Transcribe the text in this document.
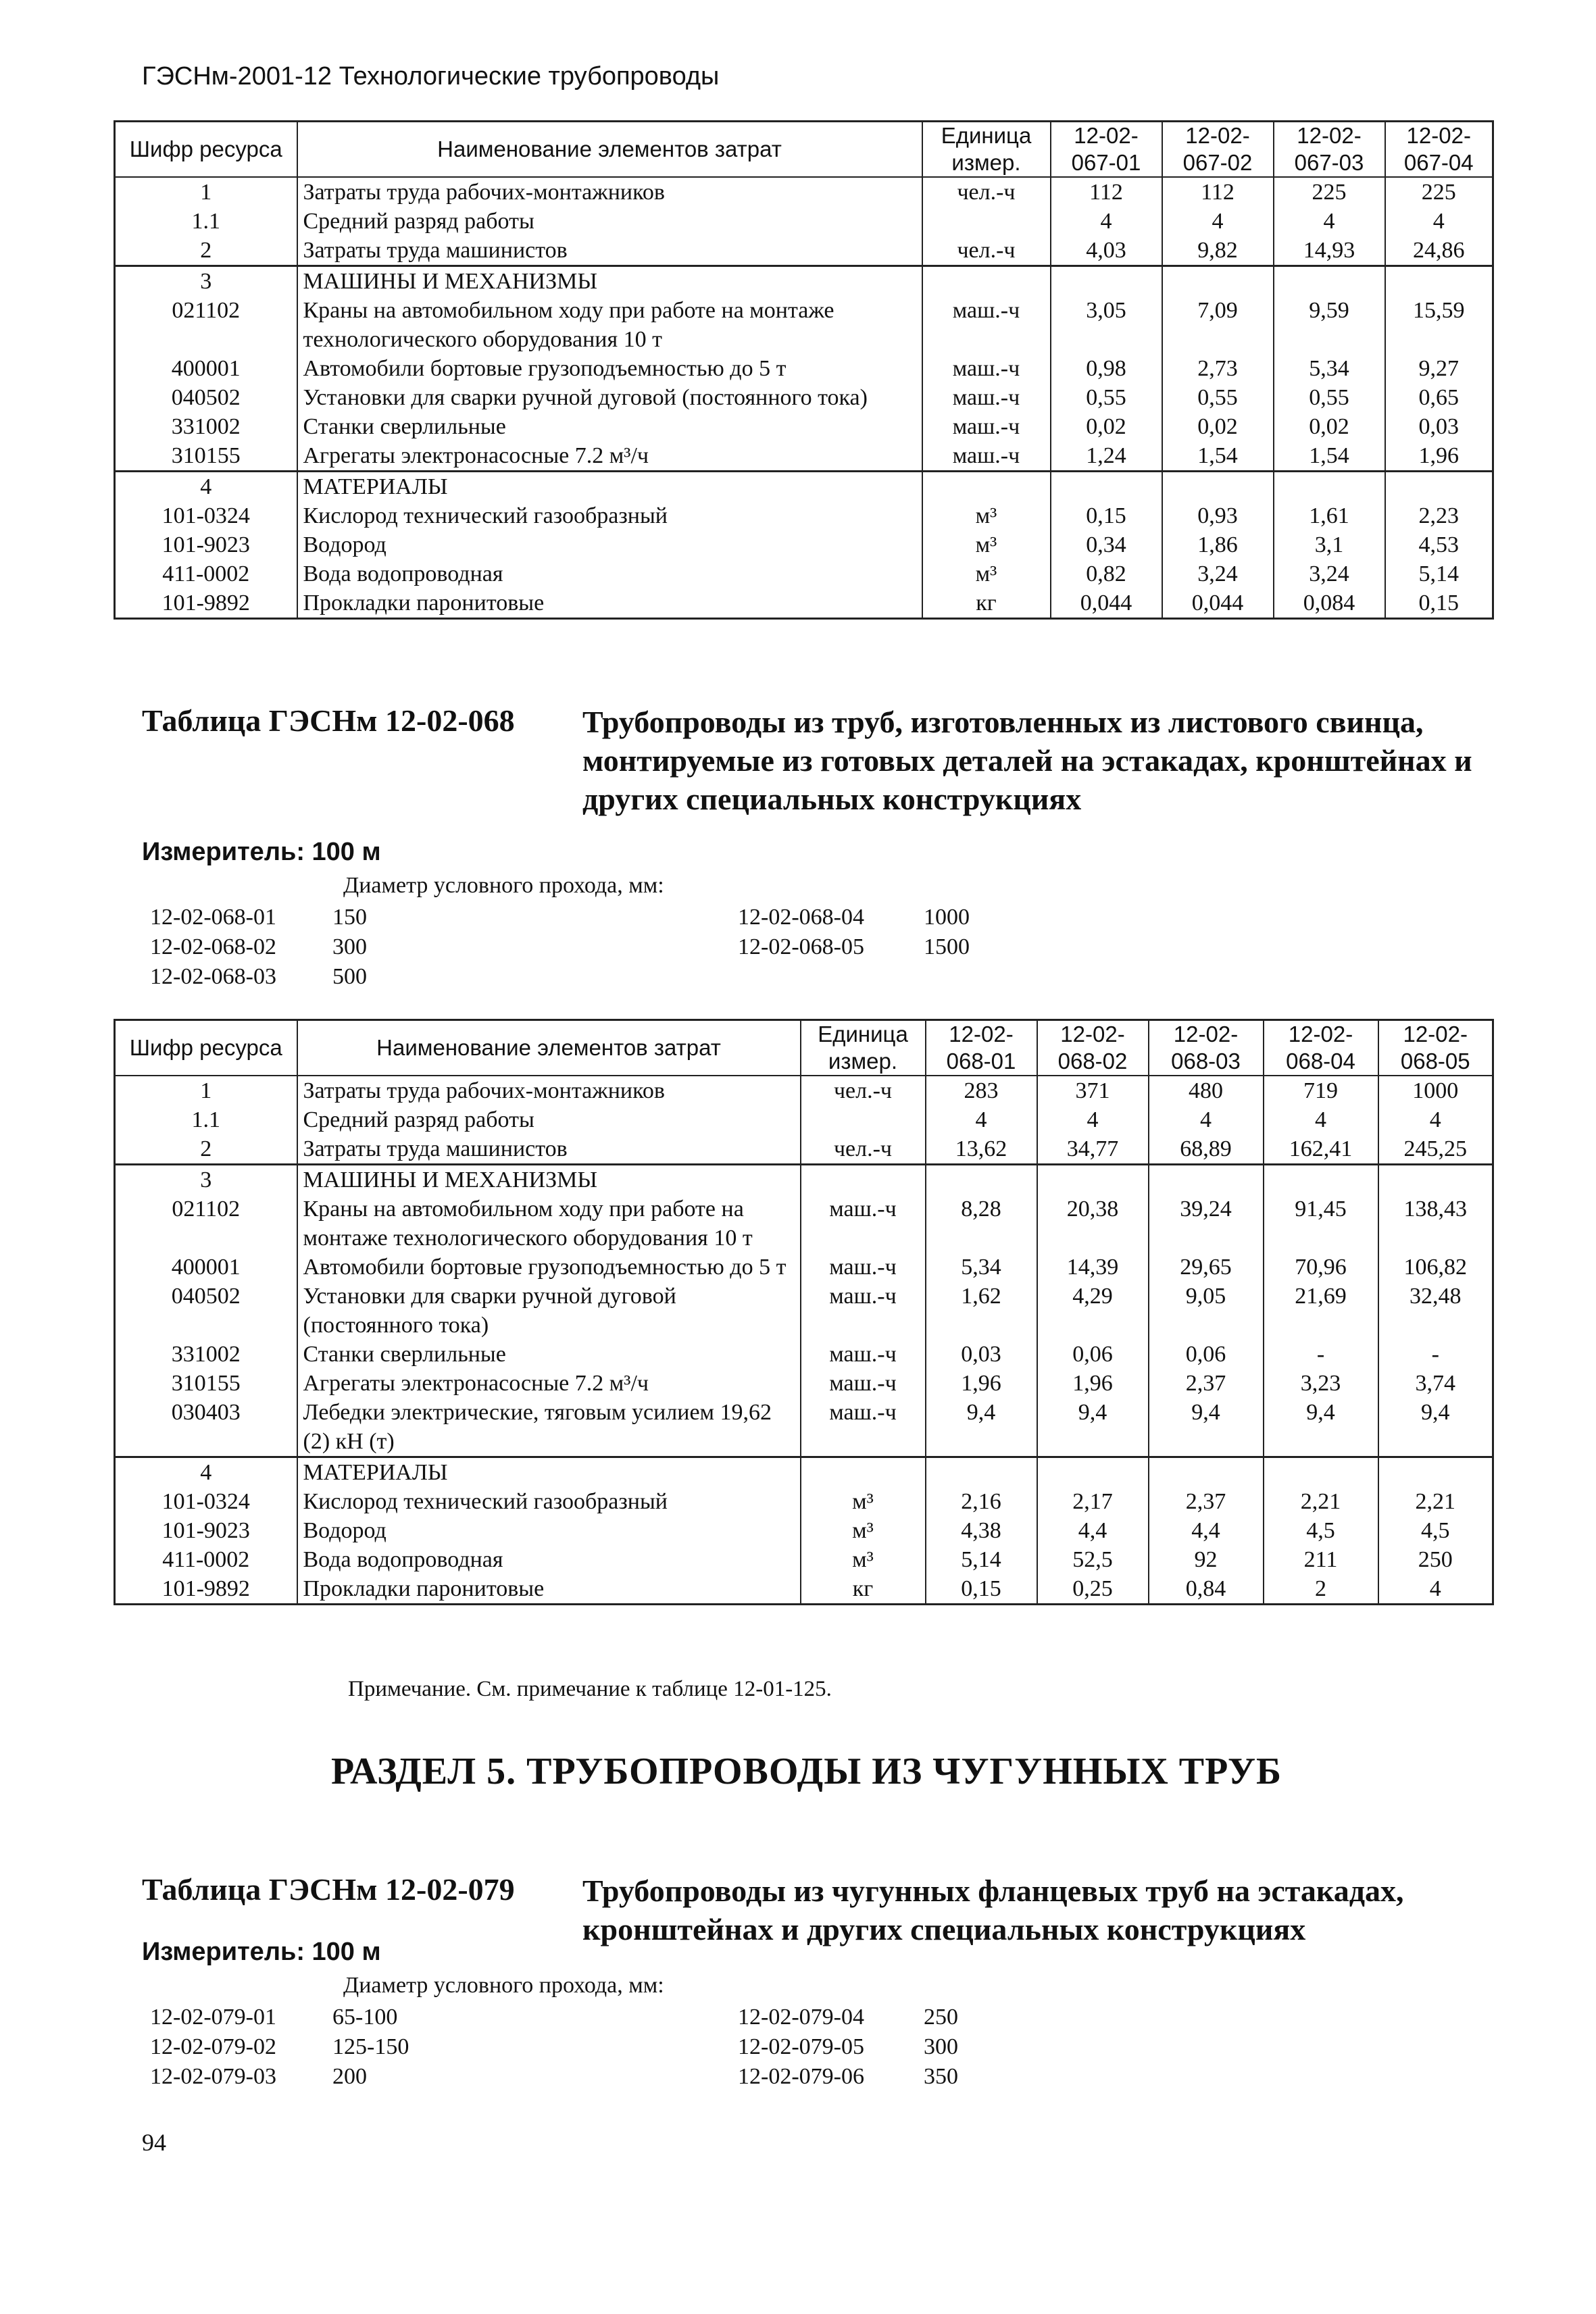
ГЭСНм-2001-12 Технологические трубопроводы
Шифр ресурса	Наименование элементов затрат	Единица измер.	12-02-067-01	12-02-067-02	12-02-067-03	12-02-067-04
1	Затраты труда рабочих-монтажников	чел.-ч	112	112	225	225
1.1	Средний разряд работы		4	4	4	4
2	Затраты труда машинистов	чел.-ч	4,03	9,82	14,93	24,86
3	МАШИНЫ И МЕХАНИЗМЫ					
021102	Краны на автомобильном ходу при работе на монтаже технологического оборудования 10 т	маш.-ч	3,05	7,09	9,59	15,59
400001	Автомобили бортовые грузоподъемностью до 5 т	маш.-ч	0,98	2,73	5,34	9,27
040502	Установки для сварки ручной дуговой (постоянного тока)	маш.-ч	0,55	0,55	0,55	0,65
331002	Станки сверлильные	маш.-ч	0,02	0,02	0,02	0,03
310155	Агрегаты электронасосные 7.2 м³/ч	маш.-ч	1,24	1,54	1,54	1,96
4	МАТЕРИАЛЫ					
101-0324	Кислород технический газообразный	м³	0,15	0,93	1,61	2,23
101-9023	Водород	м³	0,34	1,86	3,1	4,53
411-0002	Вода водопроводная	м³	0,82	3,24	3,24	5,14
101-9892	Прокладки паронитовые	кг	0,044	0,044	0,084	0,15
Таблица ГЭСНм 12-02-068 Трубопроводы из труб, изготовленных из листового свинца, монтируемые из готовых деталей на эстакадах, кронштейнах и других специальных конструкциях
Измеритель: 100 м
Диаметр условного прохода, мм:
12-02-068-01 150	12-02-068-04	1000
12-02-068-02 300	12-02-068-05	1500
12-02-068-03 500
Шифр ресурса	Наименование элементов затрат	Единица измер.	12-02-068-01	12-02-068-02	12-02-068-03	12-02-068-04	12-02-068-05
1	Затраты труда рабочих-монтажников	чел.-ч	283	371	480	719	1000
1.1	Средний разряд работы		4	4	4	4	4
2	Затраты труда машинистов	чел.-ч	13,62	34,77	68,89	162,41	245,25
3	МАШИНЫ И МЕХАНИЗМЫ						
021102	Краны на автомобильном ходу при работе на монтаже технологического оборудования 10 т	маш.-ч	8,28	20,38	39,24	91,45	138,43
400001	Автомобили бортовые грузоподъемностью до 5 т	маш.-ч	5,34	14,39	29,65	70,96	106,82
040502	Установки для сварки ручной дуговой (постоянного тока)	маш.-ч	1,62	4,29	9,05	21,69	32,48
331002	Станки сверлильные	маш.-ч	0,03	0,06	0,06	-	-
310155	Агрегаты электронасосные 7.2 м³/ч	маш.-ч	1,96	1,96	2,37	3,23	3,74
030403	Лебедки электрические, тяговым усилием 19,62 (2) кН (т)	маш.-ч	9,4	9,4	9,4	9,4	9,4
4	МАТЕРИАЛЫ						
101-0324	Кислород технический газообразный	м³	2,16	2,17	2,37	2,21	2,21
101-9023	Водород	м³	4,38	4,4	4,4	4,5	4,5
411-0002	Вода водопроводная	м³	5,14	52,5	92	211	250
101-9892	Прокладки паронитовые	кг	0,15	0,25	0,84	2	4
Примечание. См. примечание к таблице 12-01-125.
РАЗДЕЛ 5. ТРУБОПРОВОДЫ ИЗ ЧУГУННЫХ ТРУБ
Таблица ГЭСНм 12-02-079 Трубопроводы из чугунных фланцевых труб на эстакадах, кронштейнах и других специальных конструкциях
Измеритель: 100 м
Диаметр условного прохода, мм:
12-02-079-01 65-100	12-02-079-04	250
12-02-079-02 125-150	12-02-079-05	300
12-02-079-03 200	12-02-079-06	350
94
